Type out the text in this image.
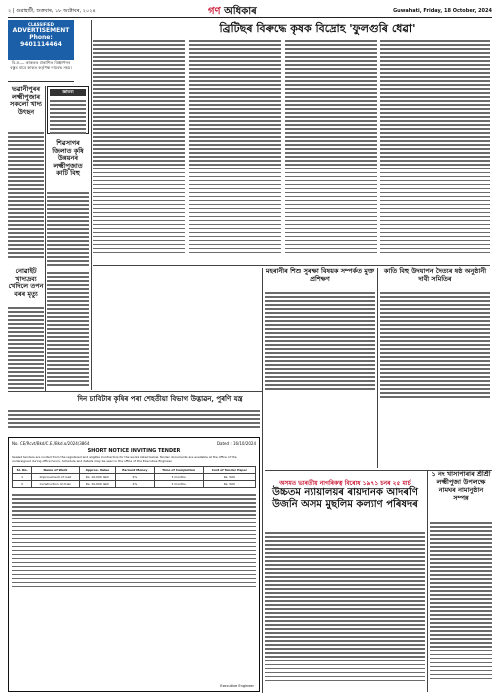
২ | গুৱাহাটী, শুক্ৰবাৰ, ১৮ অক্টোবৰ, ২০২৪	গণ অধিকাৰ	Guwahati, Friday, 18 October, 2024
ব্ৰিটিছৰ বিৰুদ্ধে কৃষক বিদ্ৰোহ 'ফুলগুৰি ধেৱা'
CLASSIFIED
ADVERTISEMENT
Phone: 9401114464
বি.দ্ৰ.— কাকতত প্ৰকাশিত বিজ্ঞাপনৰ বস্তুৰ বাবে কাকত কৰ্তৃপক্ষ দায়বদ্ধ নহয়।
ভৱানীপুৰৰ লক্ষ্মীপুজাৰ সকলো খাদ্য উৎছন
জ্ঞাতব্য
শিৱসাগৰ জিলাত কৃষি উন্নয়নৰ লক্ষ্মীপুজাত কাটি বিহু
নোৱাইট খাদ্যদ্ৰব্য খেদিলে তপন বৰৰ মৃত্যু
দিন চাবিটাৰ কৃষিৰ পৰা শেহতীয়া বিভাগ উদ্ভাৱন, পুৰণি যন্ত্ৰ
No. CE/Rcvt/Bkd/C.E./Bkd.o/2024/3864	Dated : 16/10/2024
SHORT NOTICE INVITING TENDER
Sealed tenders are invited from the registered and eligible Contractors for the works listed below. Tender documents are available at the office of the undersigned during office hours. Schedule and details may be seen in the office of the Executive Engineer.
Sl. No.	Name of Work	Approx. Value	Earnest Money	Time of Completion	Cost of Tender Paper
1	Improvement of road	Rs. 10,000 lakh	2%	3 months	Rs. 500
2	Construction of drain	Rs. 10,000 lakh	2%	3 months	Rs. 500
Executive Engineer
মহৰানীৰ শিশু সুৰক্ষা বিষয়ক সম্পৰ্কত মুক্ত প্ৰশিক্ষণ
কাতি বিহু উদযাপন দৈত্যৰ ষষ্ঠ অনুষ্ঠানী দাবী সমিতিৰ
অসমত ভাৰতীয় নাগৰিকত্ব বিৰোধ ১৯৭১ চনৰ ২৫ মাৰ্চ
উচ্চতম ন্যায়ালয়ৰ ৰায়দানক আদৰণি উজনি অসম মুছলিম কল্যাণ পৰিষদৰ
১ নং খাসাপাৰাৰ শ্ৰীশ্ৰী লক্ষ্মীপুজা উপলক্ষে নামঘৰ নামানুষ্ঠান সম্পন্ন
